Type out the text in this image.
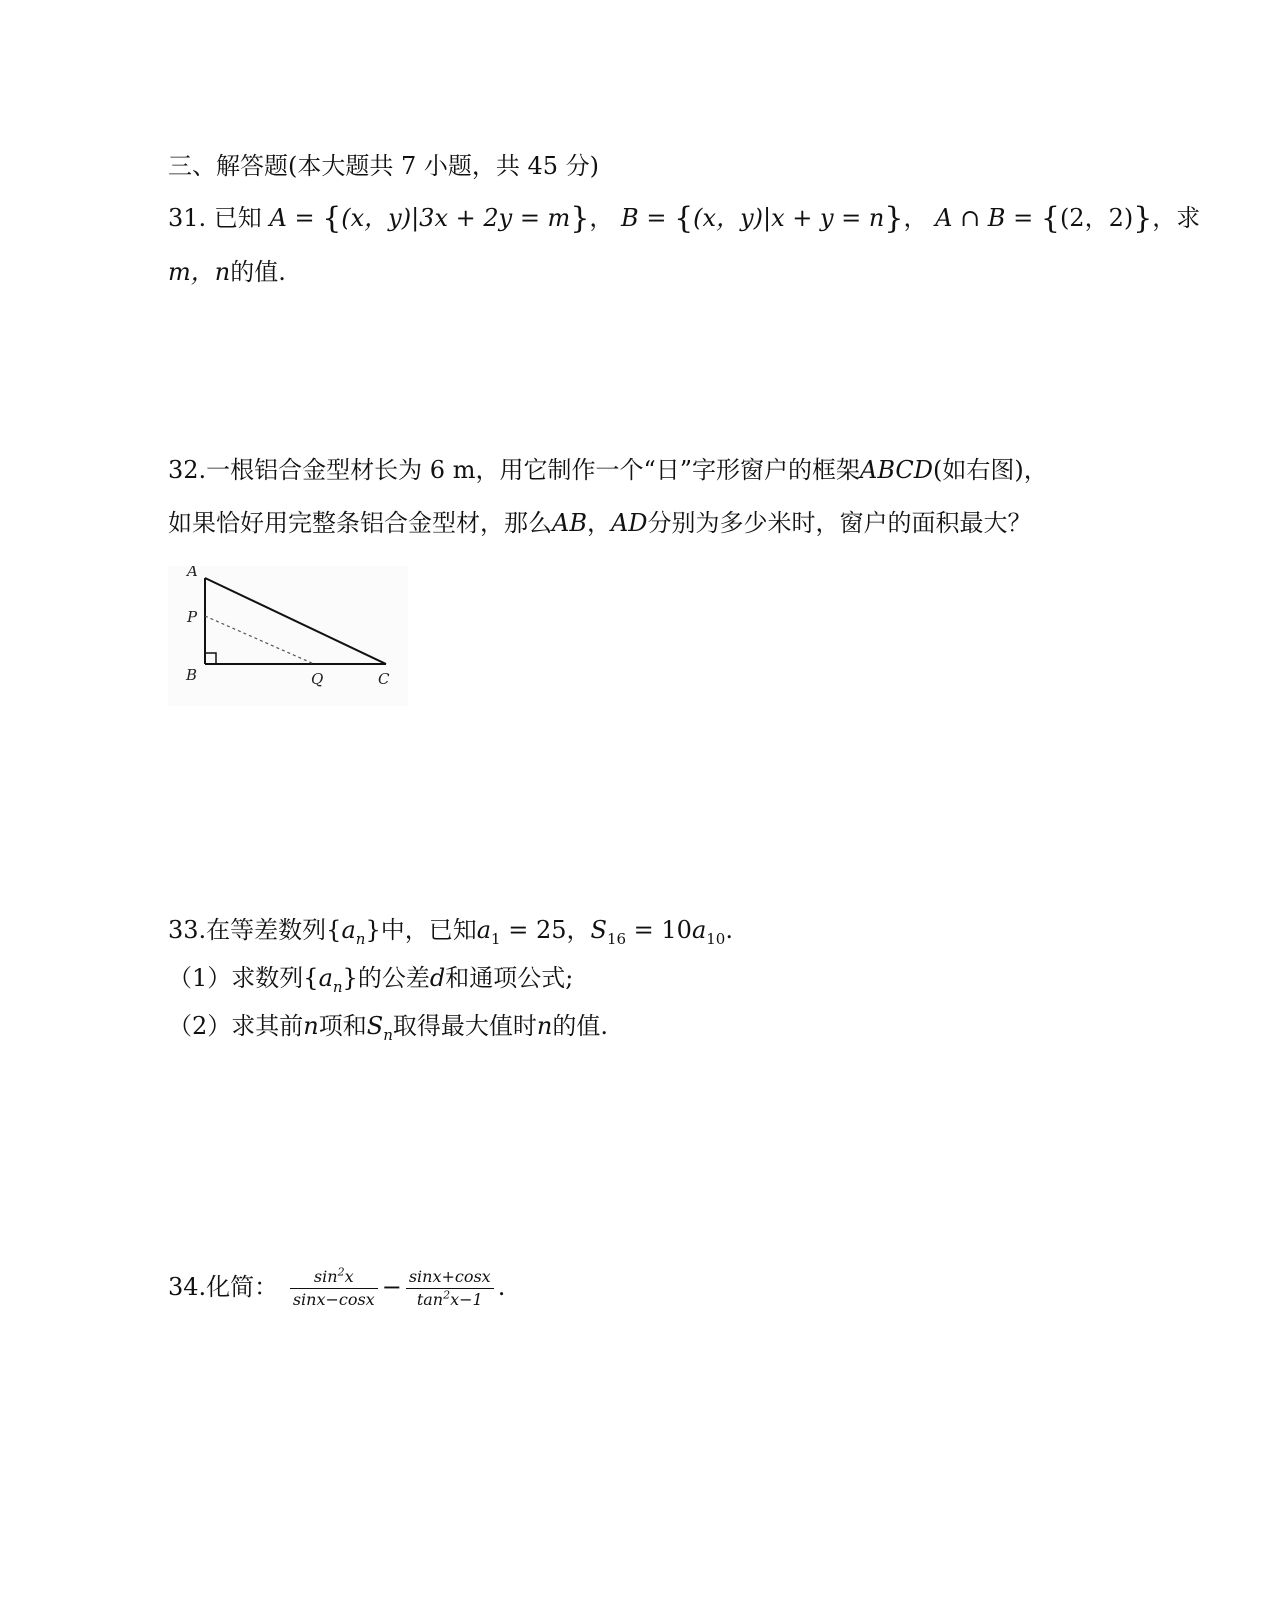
三、解答题(本大题共 7 小题，共 45 分)
31. 已知 A = {(x，y)|3x + 2y = m}， B = {(x，y)|x + y = n}， A ∩ B = {(2，2)}，求
m，n的值.
32.一根铝合金型材长为 6 m，用它制作一个“日”字形窗户的框架ABCD(如右图)，
如果恰好用完整条铝合金型材，那么AB，AD分别为多少米时，窗户的面积最大？
A
P
B	Q	C
33.在等差数列$\{a_n\}$中，已知$a_1 = 25$，$S_{16} = 10a_{10}$.
（1）求数列$\{a_n\}$的公差d和通项公式;
（2）求其前n项和$S_n$取得最大值时n的值.
34.化简： $\frac{\sin^2x}{\sin x-\cos x} - \frac{\sin x+\cos x}{\tan^2x-1}$ .
